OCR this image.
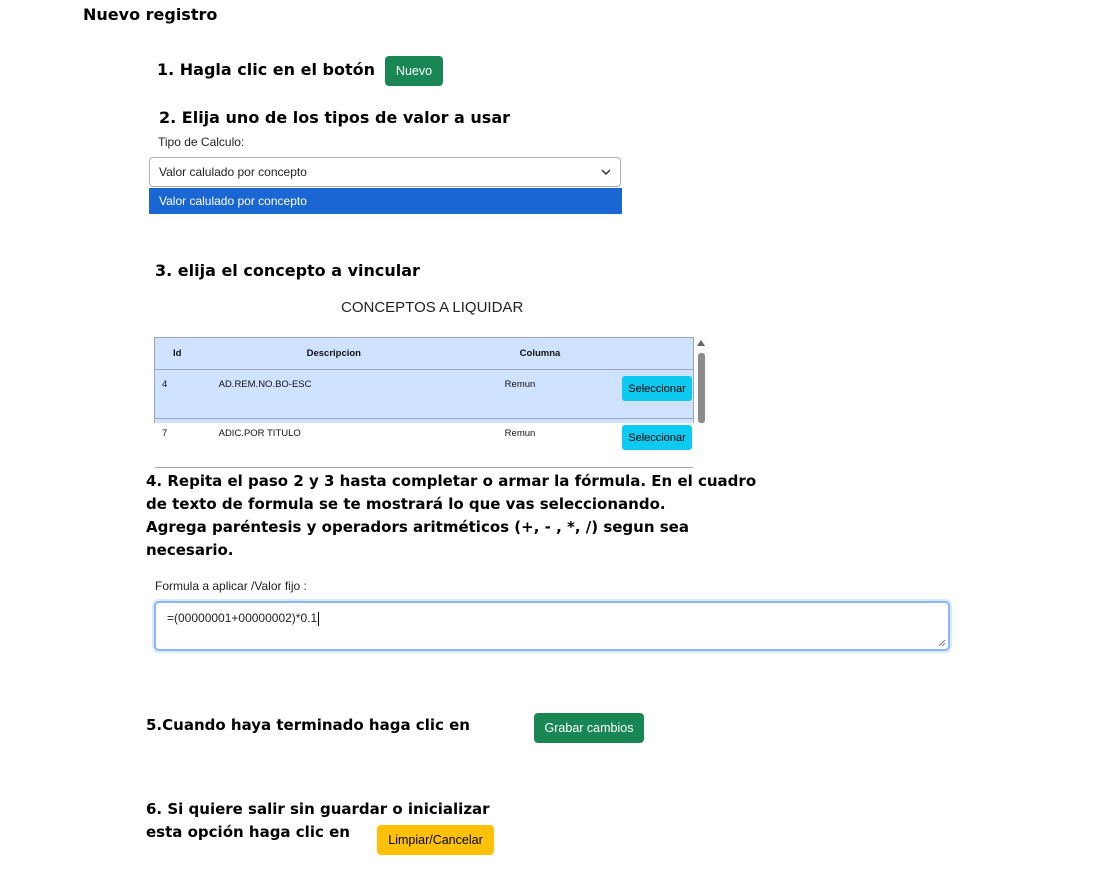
Nuevo registro
1. Hagla clic en el botón	Nuevo
2. Elija uno de los tipos de valor a usar
Tipo de Calculo:
Valor calulado por concepto
Valor calulado por concepto
3. elija el concepto a vincular
CONCEPTOS A LIQUIDAR
Id	Descripcion	Columna	
4	AD.REM.NO.BO-ESC	Remun	Seleccionar

7	ADIC.POR TITULO	Remun	Seleccionar
4. Repita el paso 2 y 3 hasta completar o armar la fórmula. En el cuadro
de texto de formula se te mostrará lo que vas seleccionando.
Agrega paréntesis y operadors aritméticos (+, - , *, /) segun sea
necesario.
Formula a aplicar /Valor fijo :
=(00000001+00000002)*0.1
5.Cuando haya terminado haga clic en	Grabar cambios
6. Si quiere salir sin guardar o inicializar
esta opción haga clic en	Limpiar/Cancelar
